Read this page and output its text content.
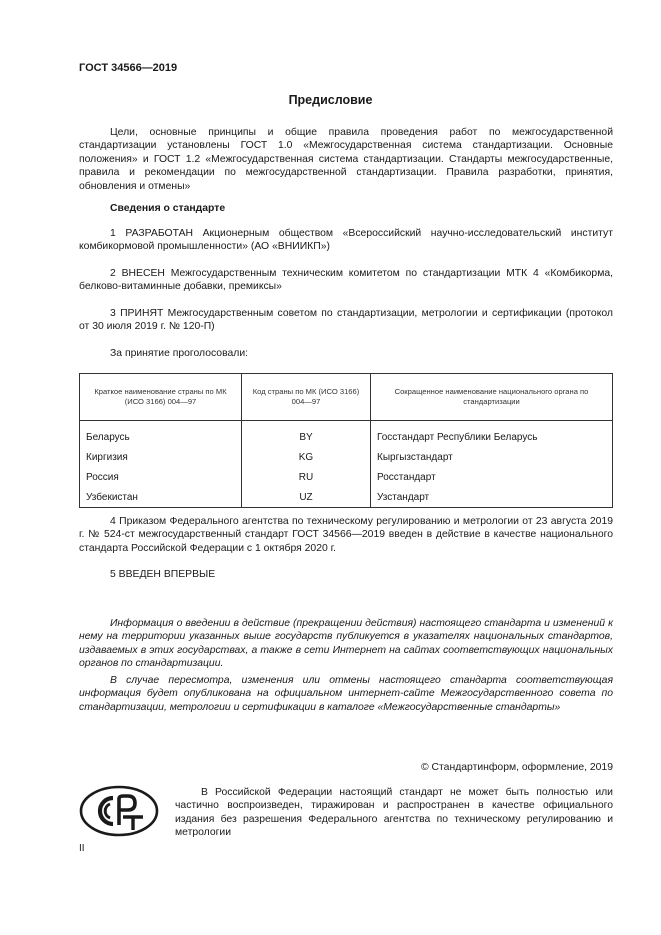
ГОСТ 34566—2019
Предисловие
Цели, основные принципы и общие правила проведения работ по межгосударственной стандартизации установлены ГОСТ 1.0 «Межгосударственная система стандартизации. Основные положения» и ГОСТ 1.2 «Межгосударственная система стандартизации. Стандарты межгосударственные, правила и рекомендации по межгосударственной стандартизации. Правила разработки, принятия, обновления и отмены»
Сведения о стандарте
1 РАЗРАБОТАН Акционерным обществом «Всероссийский научно-исследовательский институт комбикормовой промышленности» (АО «ВНИИКП»)
2 ВНЕСЕН Межгосударственным техническим комитетом по стандартизации МТК 4 «Комбикорма, белково-витаминные добавки, премиксы»
3 ПРИНЯТ Межгосударственным советом по стандартизации, метрологии и сертификации (протокол от 30 июля 2019 г. № 120-П)
За принятие проголосовали:
Краткое наименование страны по МК (ИСО 3166) 004—97	Код страны по МК (ИСО 3166) 004—97	Сокращенное наименование национального органа по стандартизации
Беларусь	BY	Госстандарт Республики Беларусь
Киргизия	KG	Кыргызстандарт
Россия	RU	Росстандарт
Узбекистан	UZ	Узстандарт
4 Приказом Федерального агентства по техническому регулированию и метрологии от 23 августа 2019 г. № 524-ст межгосударственный стандарт ГОСТ 34566—2019 введен в действие в качестве национального стандарта Российской Федерации с 1 октября 2020 г.
5 ВВЕДЕН ВПЕРВЫЕ
Информация о введении в действие (прекращении действия) настоящего стандарта и изменений к нему на территории указанных выше государств публикуется в указателях национальных стандартов, издаваемых в этих государствах, а также в сети Интернет на сайтах соответствующих национальных органов по стандартизации.
В случае пересмотра, изменения или отмены настоящего стандарта соответствующая информация будет опубликована на официальном интернет-сайте Межгосударственного совета по стандартизации, метрологии и сертификации в каталоге «Межгосударственные стандарты»
© Стандартинформ, оформление, 2019
В Российской Федерации настоящий стандарт не может быть полностью или частично воспроизведен, тиражирован и распространен в качестве официального издания без разрешения Федерального агентства по техническому регулированию и метрологии
II
